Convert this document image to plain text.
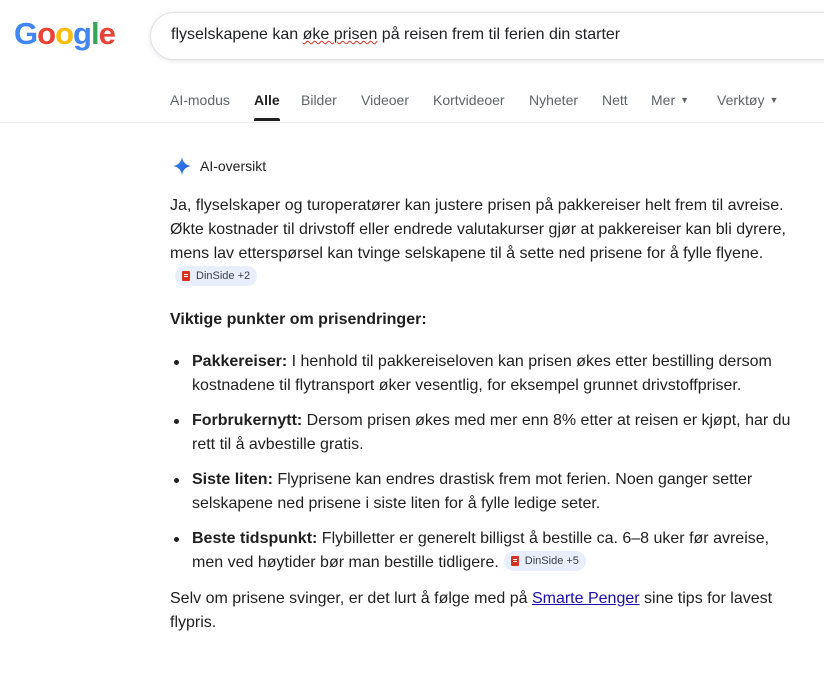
Google	flyselskapene kan øke prisen på reisen frem til ferien din starter
AI-modus Alle Bilder Videoer Kortvideoer Nyheter Nett Mer ▼ Verktøy ▼
AI-oversikt

Ja, flyselskaper og turoperatører kan justere prisen på pakkereiser helt frem til avreise. Økte kostnader til drivstoff eller endrede valutakurser gjør at pakkereiser kan bli dyrere, mens lav etterspørsel kan tvinge selskapene til å sette ned prisene for å fylle flyene.
DinSide +2

Viktige punkter om prisendringer:

Pakkereiser: I henhold til pakkereiseloven kan prisen økes etter bestilling dersom kostnadene til flytransport øker vesentlig, for eksempel grunnet drivstoffpriser.
Forbrukernytt: Dersom prisen økes med mer enn 8% etter at reisen er kjøpt, har du rett til å avbestille gratis.
Siste liten: Flyprisene kan endres drastisk frem mot ferien. Noen ganger setter selskapene ned prisene i siste liten for å fylle ledige seter.
Beste tidspunkt: Flybilletter er generelt billigst å bestille ca. 6–8 uker før avreise, men ved høytider bør man bestille tidligere. DinSide +5

Selv om prisene svinger, er det lurt å følge med på Smarte Penger sine tips for lavest flypris.
